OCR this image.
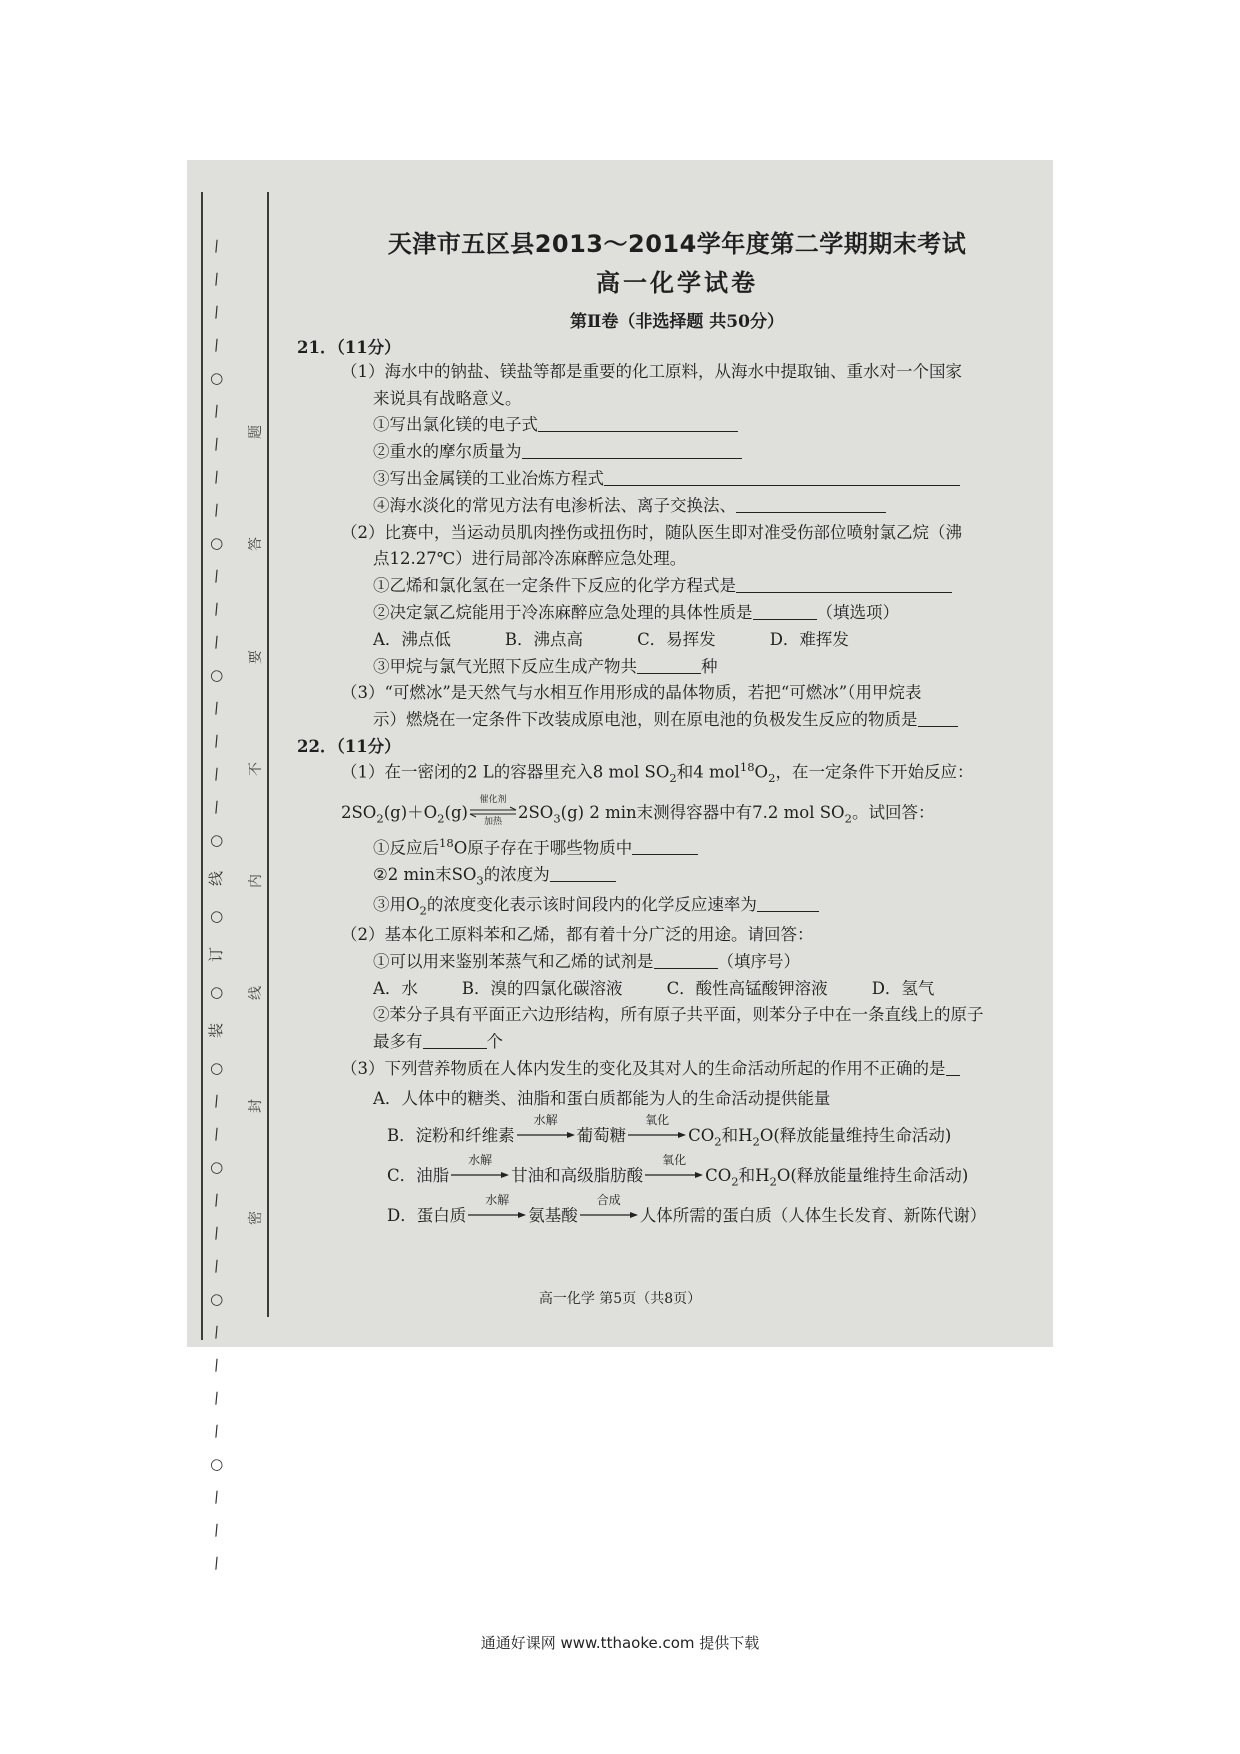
/
/
/
/
○
/
/
/
/
○
/
/
/
○
/
/
/
/
○
线
○
订
○
装
○
/
/
○
/
/
/
○
/
/
/
/
○
/
/
/
题
答
要
不
内
线
封
密
天津市五区县2013～2014学年度第二学期期末考试
高一化学试卷
第Ⅱ卷（非选择题 共50分）
21．（11分）
（1）海水中的钠盐、镁盐等都是重要的化工原料，从海水中提取铀、重水对一个国家
来说具有战略意义。
①写出氯化镁的电子式
②重水的摩尔质量为
③写出金属镁的工业冶炼方程式
④海水淡化的常见方法有电渗析法、离子交换法、
（2）比赛中，当运动员肌肉挫伤或扭伤时，随队医生即对准受伤部位喷射氯乙烷（沸
点12.27℃）进行局部冷冻麻醉应急处理。
①乙烯和氯化氢在一定条件下反应的化学方程式是
②决定氯乙烷能用于冷冻麻醉应急处理的具体性质是	（填选项）
A．沸点低	B．沸点高	C．易挥发	D．难挥发
③甲烷与氯气光照下反应生成产物共	种
（3）“可燃冰”是天然气与水相互作用形成的晶体物质，若把“可燃冰”（用甲烷表
示）燃烧在一定条件下改装成原电池，则在原电池的负极发生反应的物质是
22．（11分）
（1）在一密闭的2 L的容器里充入8 mol $SO_2$和4 $mol^{18}O_2$，在一定条件下开始反应：
$2SO_2(g)+O_2(g)$
催化剂
加热 $2SO_3(g)$ 2 min末测得容器中有7.2 mol $SO_2$。试回答：
①反应后$^{18}$O原子存在于哪些物质中
②2 min末$SO_3$的浓度为
③用$O_2$的浓度变化表示该时间段内的化学反应速率为
（2）基本化工原料苯和乙烯，都有着十分广泛的用途。请回答：
①可以用来鉴别苯蒸气和乙烯的试剂是	（填序号）
A．水	B．溴的四氯化碳溶液	C．酸性高锰酸钾溶液	D．氢气
②苯分子具有平面正六边形结构，所有原子共平面，则苯分子中在一条直线上的原子
最多有	个
（3）下列营养物质在人体内发生的变化及其对人的生命活动所起的作用不正确的是
A．人体中的糖类、油脂和蛋白质都能为人的生命活动提供能量
B．淀粉和纤维素
水解
葡萄糖
氧化
$CO_2$和$H_2O$(释放能量维持生命活动)
C．油脂
水解
甘油和高级脂肪酸
氧化
$CO_2$和$H_2O$(释放能量维持生命活动)
D．蛋白质
水解
氨基酸
合成
人体所需的蛋白质（人体生长发育、新陈代谢）
高一化学 第5页（共8页）
通通好课网 www.tthaoke.com 提供下载
